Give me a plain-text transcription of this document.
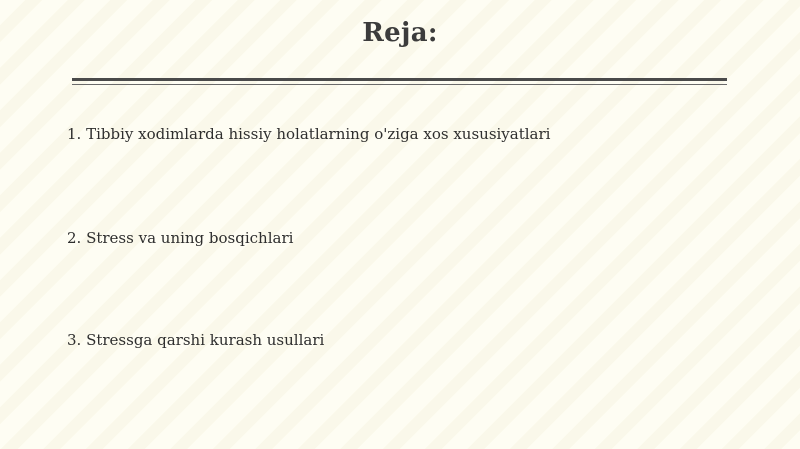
Reja:
1. Tibbiy xodimlarda hissiy holatlarning o'ziga xos xususiyatlari
2. Stress va uning bosqichlari
3. Stressga qarshi kurash usullari
